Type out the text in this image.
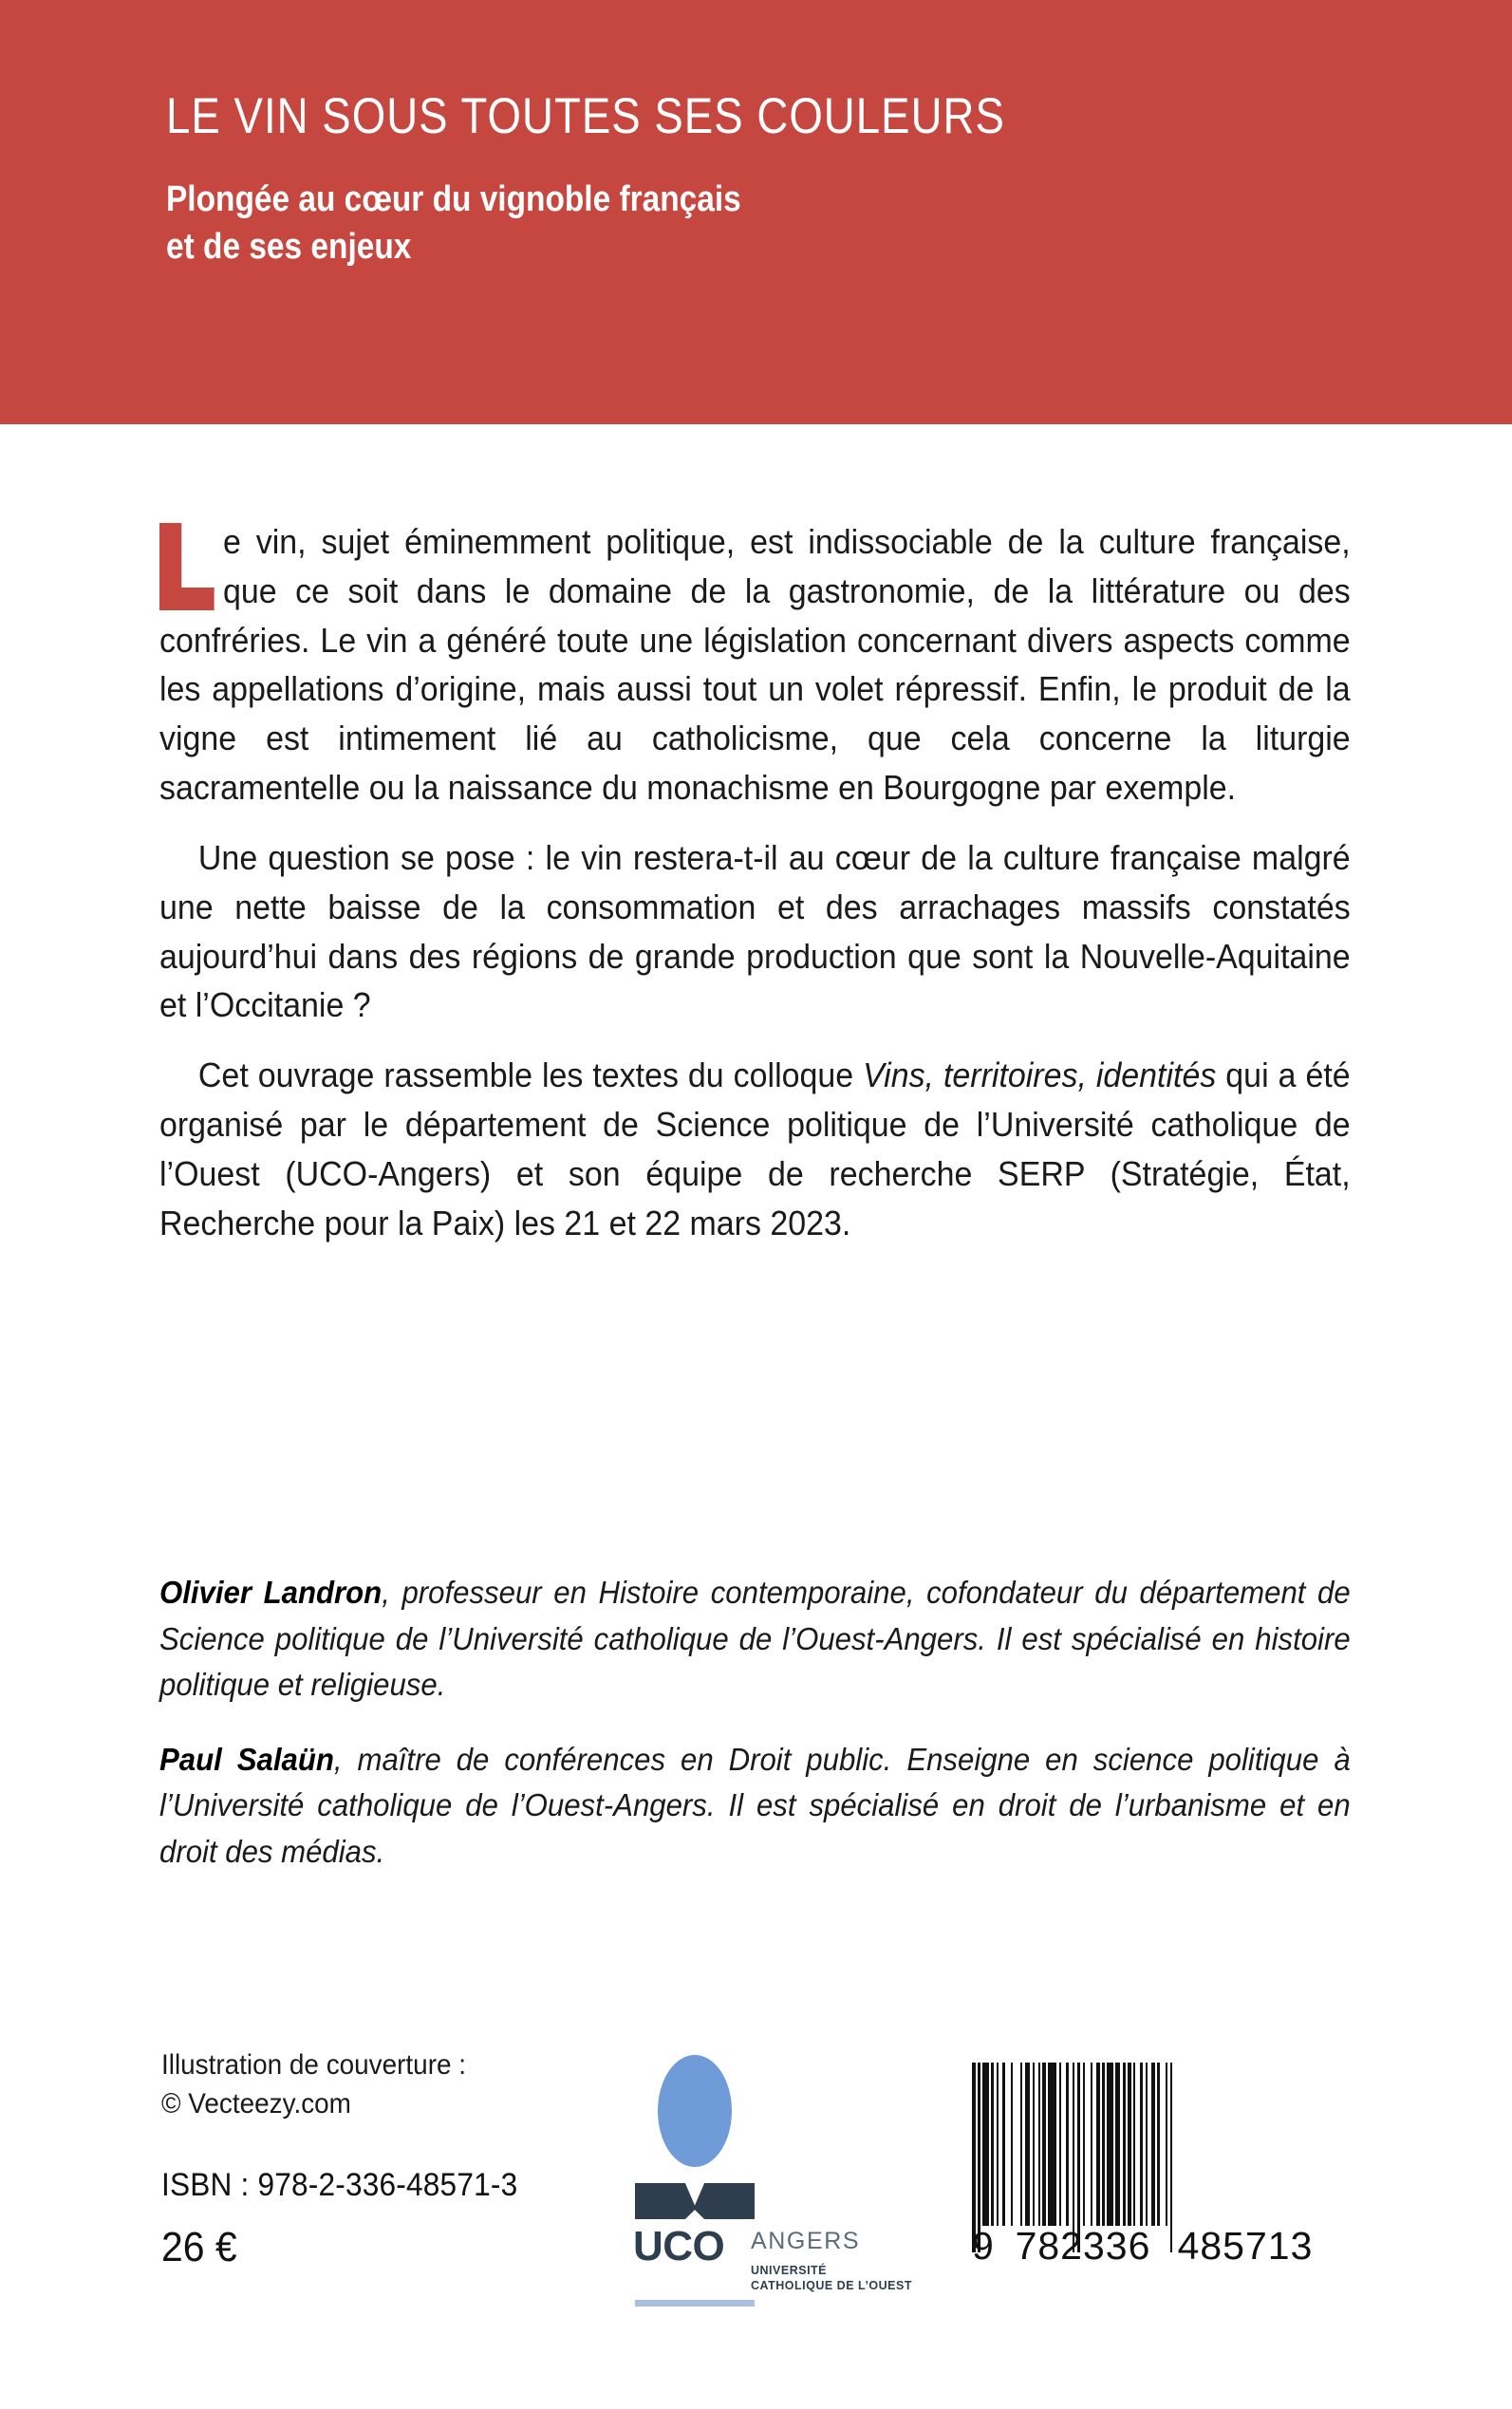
LE VIN SOUS TOUTES SES COULEURS
Plongée au cœur du vignoble français
et de ses enjeux

e vin, sujet éminemment politique, est indissociable de la culture française, que ce soit dans le domaine de la gastronomie, de la littérature ou des confréries. Le vin a généré toute une législation concernant divers aspects comme les appellations d’origine, mais aussi tout un volet répressif. Enfin, le produit de la vigne est intimement lié au catholicisme, que cela concerne la liturgie sacramentelle ou la naissance du monachisme en Bourgogne par exemple.

Une question se pose : le vin restera-t-il au cœur de la culture française malgré une nette baisse de la consommation et des arrachages massifs constatés aujourd’hui dans des régions de grande production que sont la Nouvelle-Aquitaine et l’Occitanie ?

Cet ouvrage rassemble les textes du colloque Vins, territoires, identités qui a été organisé par le département de Science politique de l’Université catholique de l’Ouest (UCO-Angers) et son équipe de recherche SERP (Stratégie, État, Recherche pour la Paix) les 21 et 22 mars 2023.

Olivier Landron, professeur en Histoire contemporaine, cofondateur du département de Science politique de l’Université catholique de l’Ouest-Angers. Il est spécialisé en histoire politique et religieuse.

Paul Salaün, maître de conférences en Droit public. Enseigne en science politique à l’Université catholique de l’Ouest-Angers. Il est spécialisé en droit de l’urbanisme et en droit des médias.

Illustration de couverture :
© Vecteezy.com
ISBN : 978-2-336-48571-3
26 €	UCO ANGERS
UNIVERSITÉ
CATHOLIQUE DE L’OUEST
9 782336 485713
